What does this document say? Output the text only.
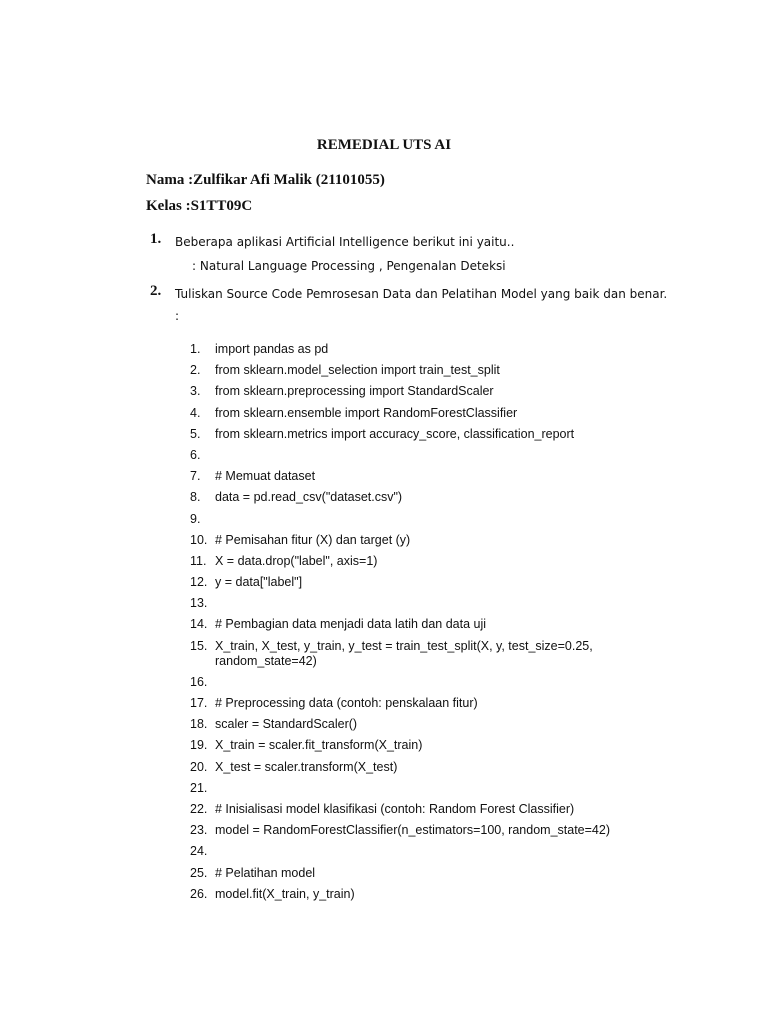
REMEDIAL UTS AI
Nama :Zulfikar Afi Malik (21101055)
Kelas :S1TT09C
1. Beberapa aplikasi Artificial Intelligence berikut ini yaitu..
: Natural Language Processing , Pengenalan Deteksi
2. Tuliskan Source Code Pemrosesan Data dan Pelatihan Model yang baik dan benar.
:
1.	import pandas as pd
2.	from sklearn.model_selection import train_test_split
3.	from sklearn.preprocessing import StandardScaler
4.	from sklearn.ensemble import RandomForestClassifier
5.	from sklearn.metrics import accuracy_score, classification_report
6.
7.	# Memuat dataset
8.	data = pd.read_csv("dataset.csv")
9.
10. # Pemisahan fitur (X) dan target (y)
11. X = data.drop("label", axis=1)
12. y = data["label"]
13.
14. # Pembagian data menjadi data latih dan data uji
15. X_train, X_test, y_train, y_test = train_test_split(X, y, test_size=0.25, random_state=42)
16.
17. # Preprocessing data (contoh: penskalaan fitur)
18. scaler = StandardScaler()
19. X_train = scaler.fit_transform(X_train)
20. X_test = scaler.transform(X_test)
21.
22. # Inisialisasi model klasifikasi (contoh: Random Forest Classifier)
23. model = RandomForestClassifier(n_estimators=100, random_state=42)
24.
25. # Pelatihan model
26. model.fit(X_train, y_train)
